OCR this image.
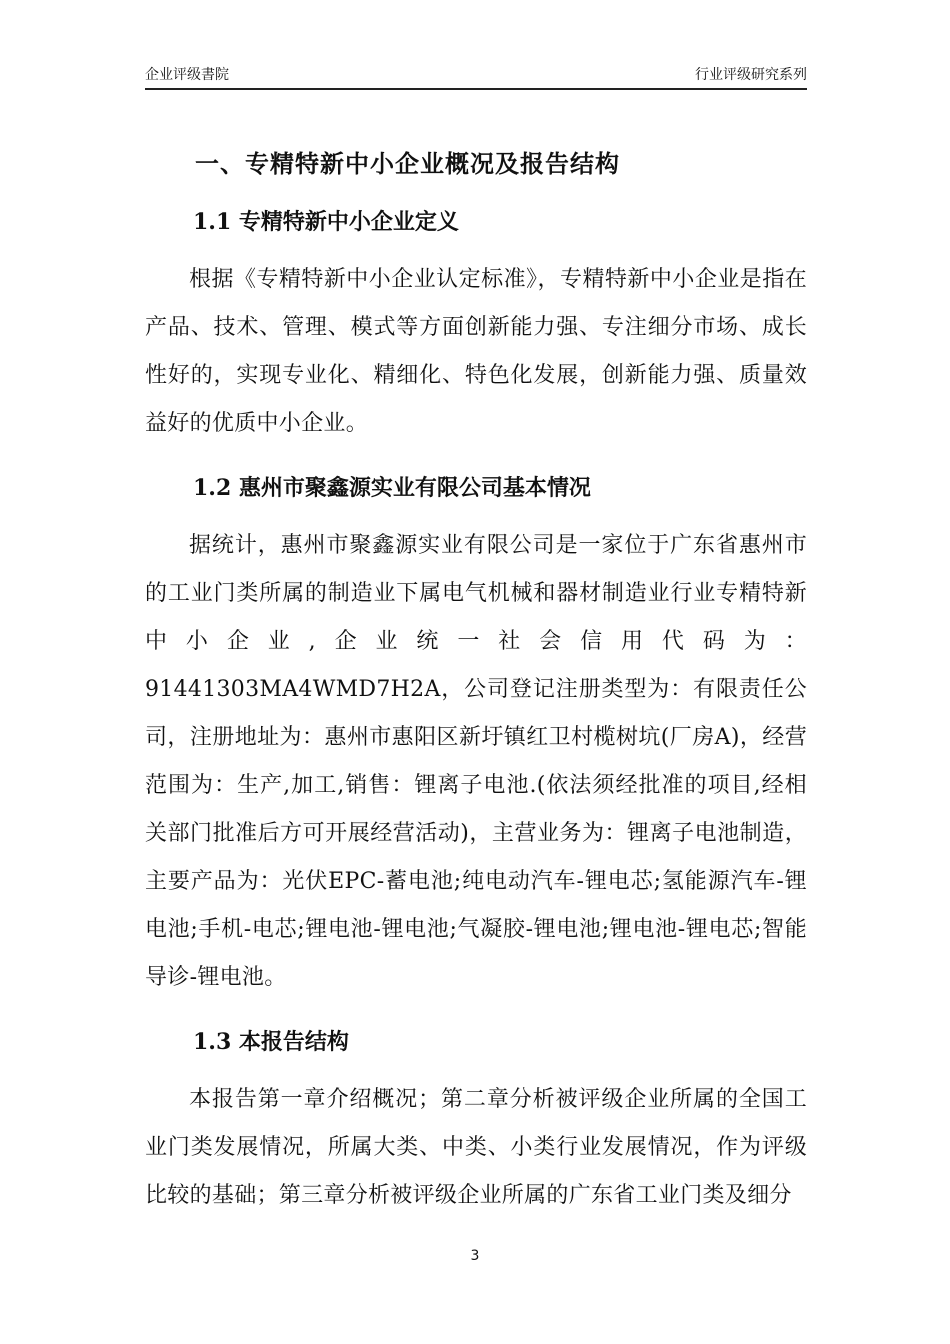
企业评级書院	行业评级研究系列
一、专精特新中小企业概况及报告结构
1.1 专精特新中小企业定义

根据《专精特新中小企业认定标准》，专精特新中小企业是指在产品、技术、管理、模式等方面创新能力强、专注细分市场、成长性好的，实现专业化、精细化、特色化发展，创新能力强、质量效益好的优质中小企业。

1.2 惠州市聚鑫源实业有限公司基本情况

据统计，惠州市聚鑫源实业有限公司是一家位于广东省惠州市的工业门类所属的制造业下属电气机械和器材制造业行业专精特新中小企业,企业统一社会信用代码为：91441303MA4WMD7H2A，公司登记注册类型为：有限责任公司，注册地址为：惠州市惠阳区新圩镇红卫村榄树坑(厂房A)，经营范围为：生产,加工,销售：锂离子电池.(依法须经批准的项目,经相关部门批准后方可开展经营活动)，主营业务为：锂离子电池制造，主要产品为：光伏EPC-蓄电池;纯电动汽车-锂电芯;氢能源汽车-锂电池;手机-电芯;锂电池-锂电池;气凝胶-锂电池;锂电池-锂电芯;智能导诊-锂电池。

1.3 本报告结构

本报告第一章介绍概况；第二章分析被评级企业所属的全国工业门类发展情况，所属大类、中类、小类行业发展情况，作为评级比较的基础；第三章分析被评级企业所属的广东省工业门类及细分

3
